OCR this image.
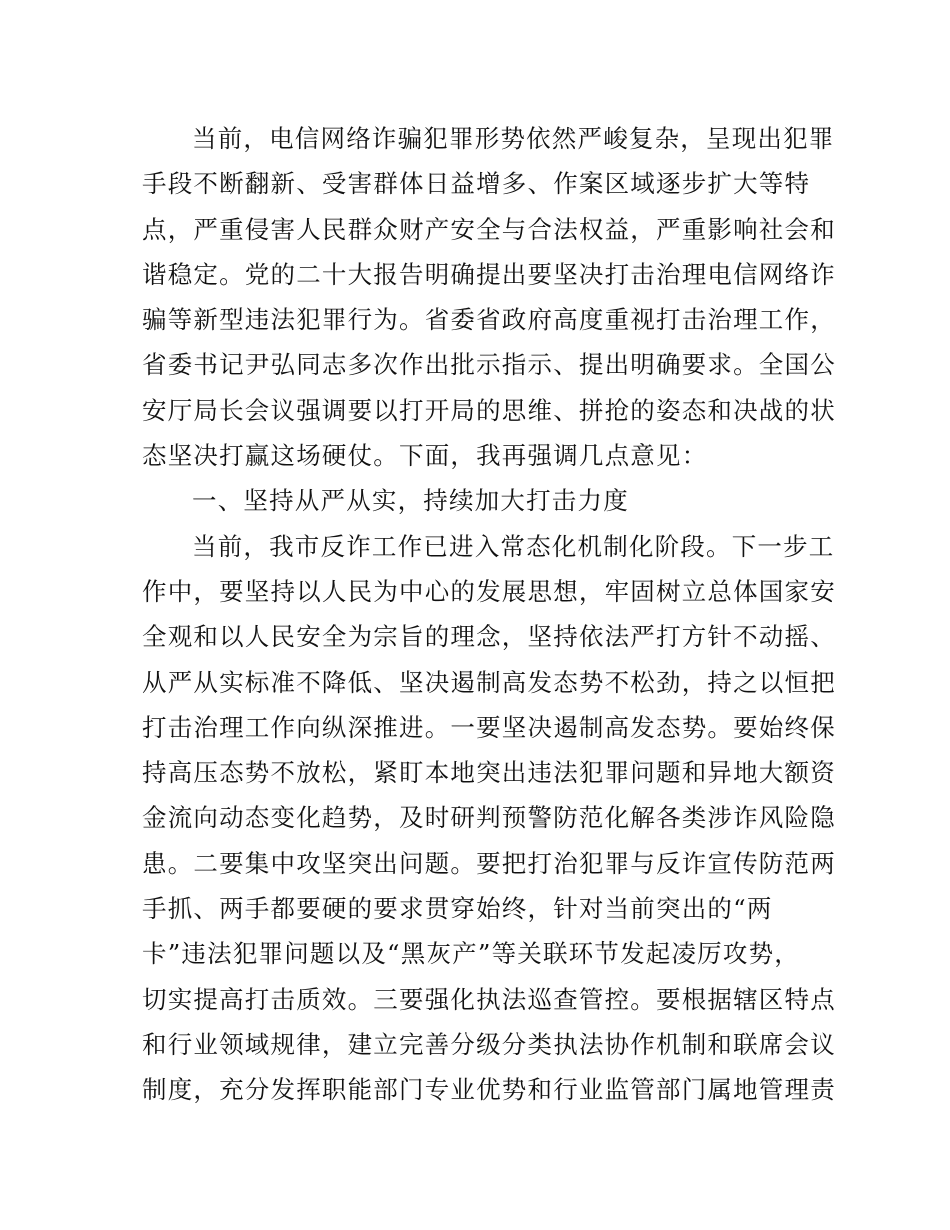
当前，电信网络诈骗犯罪形势依然严峻复杂，呈现出犯罪
手段不断翻新、受害群体日益增多、作案区域逐步扩大等特
点，严重侵害人民群众财产安全与合法权益，严重影响社会和
谐稳定。党的二十大报告明确提出要坚决打击治理电信网络诈
骗等新型违法犯罪行为。省委省政府高度重视打击治理工作，
省委书记尹弘同志多次作出批示指示、提出明确要求。全国公
安厅局长会议强调要以打开局的思维、拼抢的姿态和决战的状
态坚决打赢这场硬仗。下面，我再强调几点意见：
一、坚持从严从实，持续加大打击力度
当前，我市反诈工作已进入常态化机制化阶段。下一步工
作中，要坚持以人民为中心的发展思想，牢固树立总体国家安
全观和以人民安全为宗旨的理念，坚持依法严打方针不动摇、
从严从实标准不降低、坚决遏制高发态势不松劲，持之以恒把
打击治理工作向纵深推进。一要坚决遏制高发态势。要始终保
持高压态势不放松，紧盯本地突出违法犯罪问题和异地大额资
金流向动态变化趋势，及时研判预警防范化解各类涉诈风险隐
患。二要集中攻坚突出问题。要把打治犯罪与反诈宣传防范两
手抓、两手都要硬的要求贯穿始终，针对当前突出的“两
卡”违法犯罪问题以及“黑灰产”等关联环节发起凌厉攻势，
切实提高打击质效。三要强化执法巡查管控。要根据辖区特点
和行业领域规律，建立完善分级分类执法协作机制和联席会议
制度，充分发挥职能部门专业优势和行业监管部门属地管理责
